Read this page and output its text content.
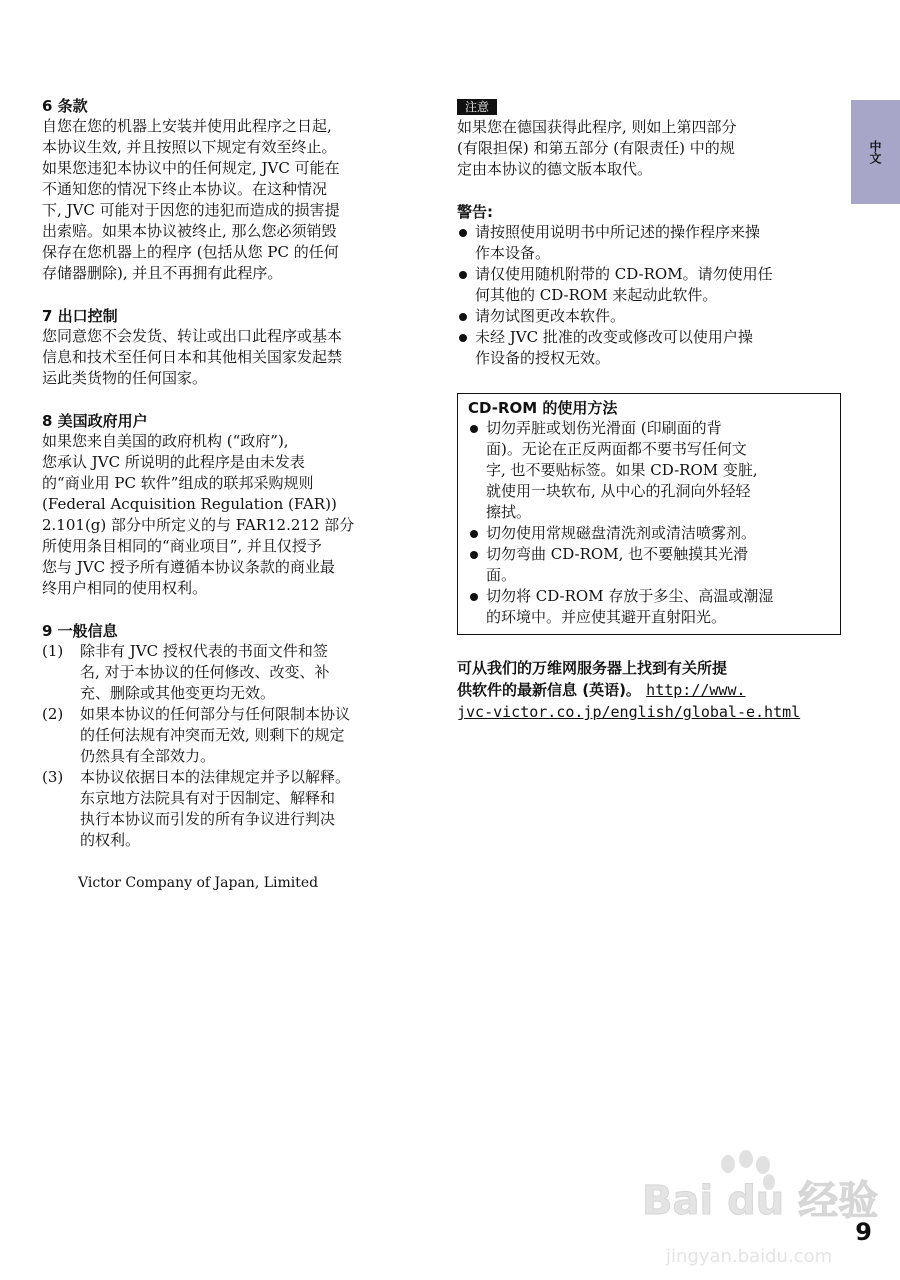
中文
6 条款

自您在您的机器上安装并使用此程序之日起,

本协议生效, 并且按照以下规定有效至终止。

如果您违犯本协议中的任何规定, JVC 可能在

不通知您的情况下终止本协议。在这种情况

下, JVC 可能对于因您的违犯而造成的损害提

出索赔。如果本协议被终止, 那么您必须销毁

保存在您机器上的程序 (包括从您 PC 的任何

存储器删除), 并且不再拥有此程序。

7 出口控制

您同意您不会发货、转让或出口此程序或基本

信息和技术至任何日本和其他相关国家发起禁

运此类货物的任何国家。

8 美国政府用户

如果您来自美国的政府机构 (“政府”),

您承认 JVC 所说明的此程序是由未发表

的“商业用 PC 软件”组成的联邦采购规则

(Federal Acquisition Regulation (FAR))

2.101(g) 部分中所定义的与 FAR12.212 部分

所使用条目相同的“商业项目”, 并且仅授予

您与 JVC 授予所有遵循本协议条款的商业最

终用户相同的使用权利。

9 一般信息
(1) 除非有 JVC 授权代表的书面文件和签
名, 对于本协议的任何修改、改变、补
充、删除或其他变更均无效。
(2) 如果本协议的任何部分与任何限制本协议
的任何法规有冲突而无效, 则剩下的规定
仍然具有全部效力。
(3) 本协议依据日本的法律规定并予以解释。
东京地方法院具有对于因制定、解释和
执行本协议而引发的所有争议进行判决
的权利。

Victor Company of Japan, Limited

注意

如果您在德国获得此程序, 则如上第四部分

(有限担保) 和第五部分 (有限责任) 中的规

定由本协议的德文版本取代。

警告:
请按照使用说明书中所记述的操作程序来操
作本设备。
请仅使用随机附带的 CD-ROM。请勿使用任
何其他的 CD-ROM 来起动此软件。
请勿试图更改本软件。
未经 JVC 批准的改变或修改可以使用户操
作设备的授权无效。
CD-ROM 的使用方法
切勿弄脏或划伤光滑面 (印刷面的背
面)。无论在正反两面都不要书写任何文
字, 也不要贴标签。如果 CD-ROM 变脏,
就使用一块软布, 从中心的孔洞向外轻轻
擦拭。
切勿使用常规磁盘清洗剂或清洁喷雾剂。
切勿弯曲 CD-ROM, 也不要触摸其光滑
面。
切勿将 CD-ROM 存放于多尘、高温或潮湿
的环境中。并应使其避开直射阳光。
可从我们的万维网服务器上找到有关所提
供软件的最新信息 (英语)。 http://www.
jvc-victor.co.jp/english/global-e.html
Bai du 经验
jingyan.baidu.com
9
